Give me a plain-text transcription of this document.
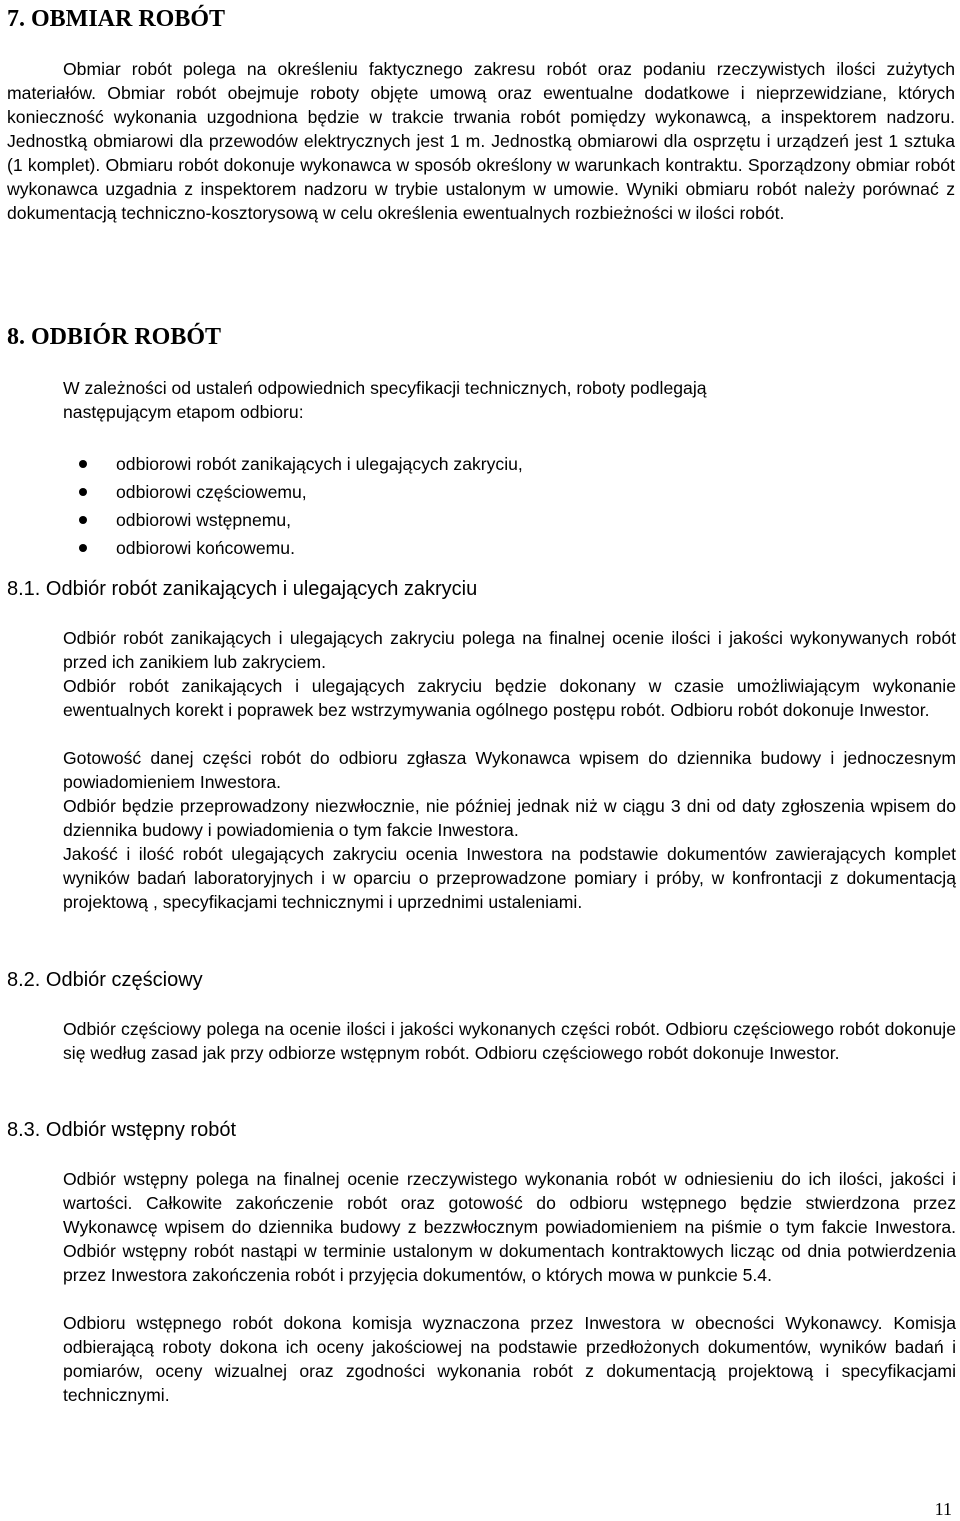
7. OBMIAR ROBÓT

Obmiar robót polega na określeniu faktycznego zakresu robót oraz podaniu rzeczywistych ilości zużytych materiałów. Obmiar robót obejmuje roboty objęte umową oraz ewentualne dodatkowe i nieprzewidziane, których konieczność wykonania uzgodniona będzie w trakcie trwania robót pomiędzy wykonawcą, a inspektorem nadzoru. Jednostką obmiarowi dla przewodów elektrycznych jest 1 m. Jednostką obmiarowi dla osprzętu i urządzeń jest 1 sztuka (1 komplet). Obmiaru robót dokonuje wykonawca w sposób określony w warunkach kontraktu. Sporządzony obmiar robót wykonawca uzgadnia z inspektorem nadzoru w trybie ustalonym w umowie. Wyniki obmiaru robót należy porównać z dokumentacją techniczno-kosztorysową w celu określenia ewentualnych rozbieżności w ilości robót.

8. ODBIÓR ROBÓT

W zależności od ustaleń odpowiednich specyfikacji technicznych, roboty podlegają następującym etapom odbioru:

odbiorowi robót zanikających i ulegających zakryciu,
odbiorowi częściowemu,
odbiorowi wstępnemu,
odbiorowi końcowemu.
8.1. Odbiór robót zanikających i ulegających zakryciu

Odbiór robót zanikających i ulegających zakryciu polega na finalnej ocenie ilości i jakości wykonywanych robót przed ich zanikiem lub zakryciem.

Odbiór robót zanikających i ulegających zakryciu będzie dokonany w czasie umożliwiającym wykonanie ewentualnych korekt i poprawek bez wstrzymywania ogólnego postępu robót. Odbioru robót dokonuje Inwestor.

Gotowość danej części robót do odbioru zgłasza Wykonawca wpisem do dziennika budowy i jednoczesnym powiadomieniem Inwestora.

Odbiór będzie przeprowadzony niezwłocznie, nie później jednak niż w ciągu 3 dni od daty zgłoszenia wpisem do dziennika budowy i powiadomienia o tym fakcie Inwestora.

Jakość i ilość robót ulegających zakryciu ocenia Inwestora na podstawie dokumentów zawierających komplet wyników badań laboratoryjnych i w oparciu o przeprowadzone pomiary i próby, w konfrontacji z dokumentacją projektową , specyfikacjami technicznymi i uprzednimi ustaleniami.

8.2. Odbiór częściowy

Odbiór częściowy polega na ocenie ilości i jakości wykonanych części robót. Odbioru częściowego robót dokonuje się według zasad jak przy odbiorze wstępnym robót. Odbioru częściowego robót dokonuje Inwestor.

8.3. Odbiór wstępny robót

Odbiór wstępny polega na finalnej ocenie rzeczywistego wykonania robót w odniesieniu do ich ilości, jakości i wartości. Całkowite zakończenie robót oraz gotowość do odbioru wstępnego będzie stwierdzona przez Wykonawcę wpisem do dziennika budowy z bezzwłocznym powiadomieniem na piśmie o tym fakcie Inwestora. Odbiór wstępny robót nastąpi w terminie ustalonym w dokumentach kontraktowych licząc od dnia potwierdzenia przez Inwestora zakończenia robót i przyjęcia dokumentów, o których mowa w punkcie 5.4.

Odbioru wstępnego robót dokona komisja wyznaczona przez Inwestora w obecności Wykonawcy. Komisja odbierającą roboty dokona ich oceny jakościowej na podstawie przedłożonych dokumentów, wyników badań i pomiarów, oceny wizualnej oraz zgodności wykonania robót z dokumentacją projektową i specyfikacjami technicznymi.

11
